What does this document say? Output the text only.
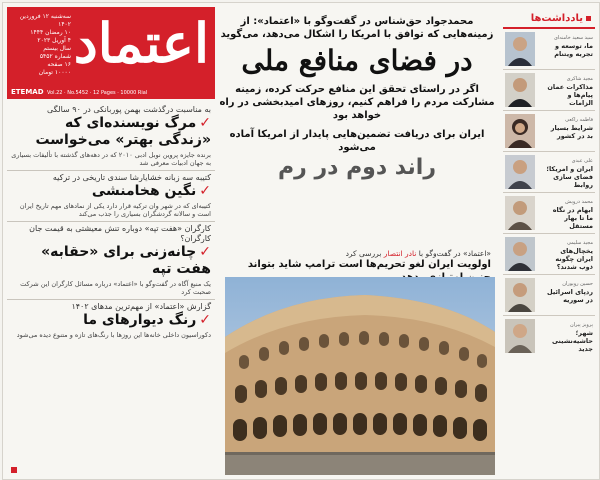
اعتماد
سه‌شنبه ۱۲ فروردین ۱۴۰۲
۱۰ رمضان ۱۴۴۴
۴ آوریل ۲۰۲۳
سال بیستم
شماره ۵۴۵۲
۱۶ صفحه
۱۰۰۰۰ تومان
ETEMAD Vol.22 · No.5452 · 12 Pages · 10000 Rial
به مناسبت درگذشت بهمن پوربانکی در ۹۰ سالگی
✓مرگ نویسنده‌ای که «زندگی بهتر» می‌خواست
برنده جایزه پروین نوبل ادبی ۲۰۱۰ که در دهه‌های گذشته با تألیفات بسیاری به جهان ادبیات معرفی شد
کتیبه سه زبانه خشایارشا سندی تاریخی در ترکیه
✓نگین هخامنشی
کتیبه‌ای که در شهر وان ترکیه قرار دارد یکی از نمادهای مهم تاریخ ایران است و سالانه گردشگران بسیاری را جذب می‌کند
کارگران «هفت تپه» دوباره تنش معیشتی به قیمت جان کارگران؟
✓چانه‌زنی برای «حقابه» هفت تپه
یک منبع آگاه در گفت‌وگو با «اعتماد» درباره مسائل کارگران این شرکت صحبت کرد
گزارش «اعتماد» از مهم‌ترین مدهای ۱۴۰۲
✓رنگ دیوارهای ما
دکوراسیون داخلی خانه‌ها این روزها با رنگ‌های تازه و متنوع دیده می‌شود
محمدجواد حق‌شناس در گفت‌وگو با «اعتماد»: از زمینه‌هایی که توافق با امریکا را اشکال می‌دهد، می‌گوید
در فضای منافع ملی
اگر در راستای تحقق این منافع حرکت کرده، زمینه مشارکت مردم را فراهم کنیم، روزهای امیدبخشی در راه خواهد بود
ایران برای دریافت تضمین‌هایی پایدار از امریکا آماده می‌شود
راند دوم در رم
«اعتماد» در گفت‌وگو با نادر انتصار بررسی کرد
اولویت ایران لغو تحریم‌ها است ترامپ شاید بتواند
یادداشت‌ها
سید سعید خامنه‌ای
ما، توسعه و تجربه ویتنام
مجید شاکری
مذاکرات عمان پیام‌ها و الزامات
فاطمه راکعی
شرایط بسیار بد در کشور
علی عبدی
ایران و امریکا؛ فضای سازی روابط
محمد درویش
ابهام در نگاه ما تا بهار مستقل
مجید سلیمی
یخچال‌های ایران چگونه ذوب شدند؟
حسین رویوران
ردپای اسرائیل در سوریه
پرویز پیران
شهر؛ حاشیه‌نشینی جدید
